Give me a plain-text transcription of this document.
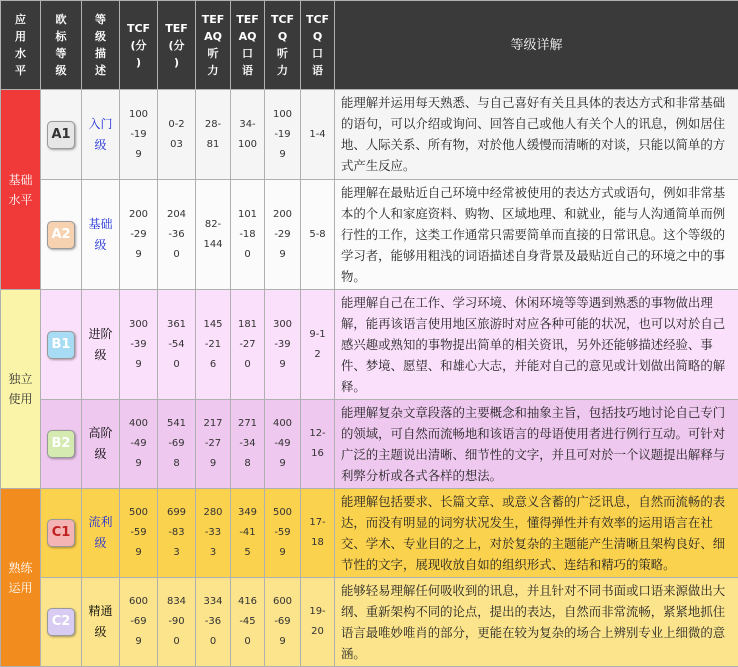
应
用
水
平	欧
标
等
级	等
级
描
述	TCF
(分
)	TEF
(分
)	TEF
AQ
听
力	TEF
AQ
口
语	TCF
Q
听
力	TCF
Q
口
语	等级详解

基础
水平	A1	入门
级	100
-19
9	0-2
03	28-
81	34-
100	100
-19
9	1-4	能理解并运用每天熟悉、与自己喜好有关且具体的表达方式和非常基础的语句，可以介绍或询问、回答自己或他人有关个人的讯息，例如居住地、人际关系、所有物，对於他人缓慢而清晰的对谈，只能以简单的方式产生反应。
	A2	基础
级	200
-29
9	204
-36
0	82-
144	101
-18
0	200
-29
9	5-8	能理解在最贴近自己环境中经常被使用的表达方式或语句，例如非常基本的个人和家庭资料、购物、区域地理、和就业，能与人沟通简单而例行性的工作，这类工作通常只需要简单而直接的日常讯息。这个等级的学习者，能够用粗浅的词语描述自身背景及最贴近自己的环境之中的事物。

独立
使用	B1	进阶
级	300
-39
9	361
-54
0	145
-21
6	181
-27
0	300
-39
9	9-1
2	能理解自己在工作、学习环境、休闲环境等等遇到熟悉的事物做出理解，能再该语言使用地区旅游时对应各种可能的状况，也可以对於自己感兴趣或熟知的事物提出简单的相关资讯，另外还能够描述经验、事件、梦境、愿望、和雄心大志，并能对自己的意见或计划做出简略的解释。
	B2	高阶
级	400
-49
9	541
-69
8	217
-27
9	271
-34
8	400
-49
9	12-
16	能理解复杂文章段落的主要概念和抽象主旨，包括技巧地讨论自己专门的领域，可自然而流畅地和该语言的母语使用者进行例行互动。可针对广泛的主题说出清晰、细节性的文字，并且可对於一个议题提出解释与利弊分析或各式各样的想法。

熟练
运用	C1	流利
级	500
-59
9	699
-83
3	280
-33
3	349
-41
5	500
-59
9	17-
18	能理解包括要求、长篇文章、或意义含蓄的广泛讯息，自然而流畅的表达，而没有明显的词穷状况发生，懂得弹性并有效率的运用语言在社交、学术、专业目的之上，对於复杂的主题能产生清晰且架构良好、细节性的文字，展现收放自如的组织形式、连结和精巧的策略。
	C2	精通
级	600
-69
9	834
-90
0	334
-36
0	416
-45
0	600
-69
9	19-
20	能够轻易理解任何吸收到的讯息，并且针对不同书面或口语来源做出大纲、重新架构不同的论点，提出的表达，自然而非常流畅，紧紧地抓住语言最唯妙唯肖的部分，更能在较为复杂的场合上辨别专业上细微的意涵。
